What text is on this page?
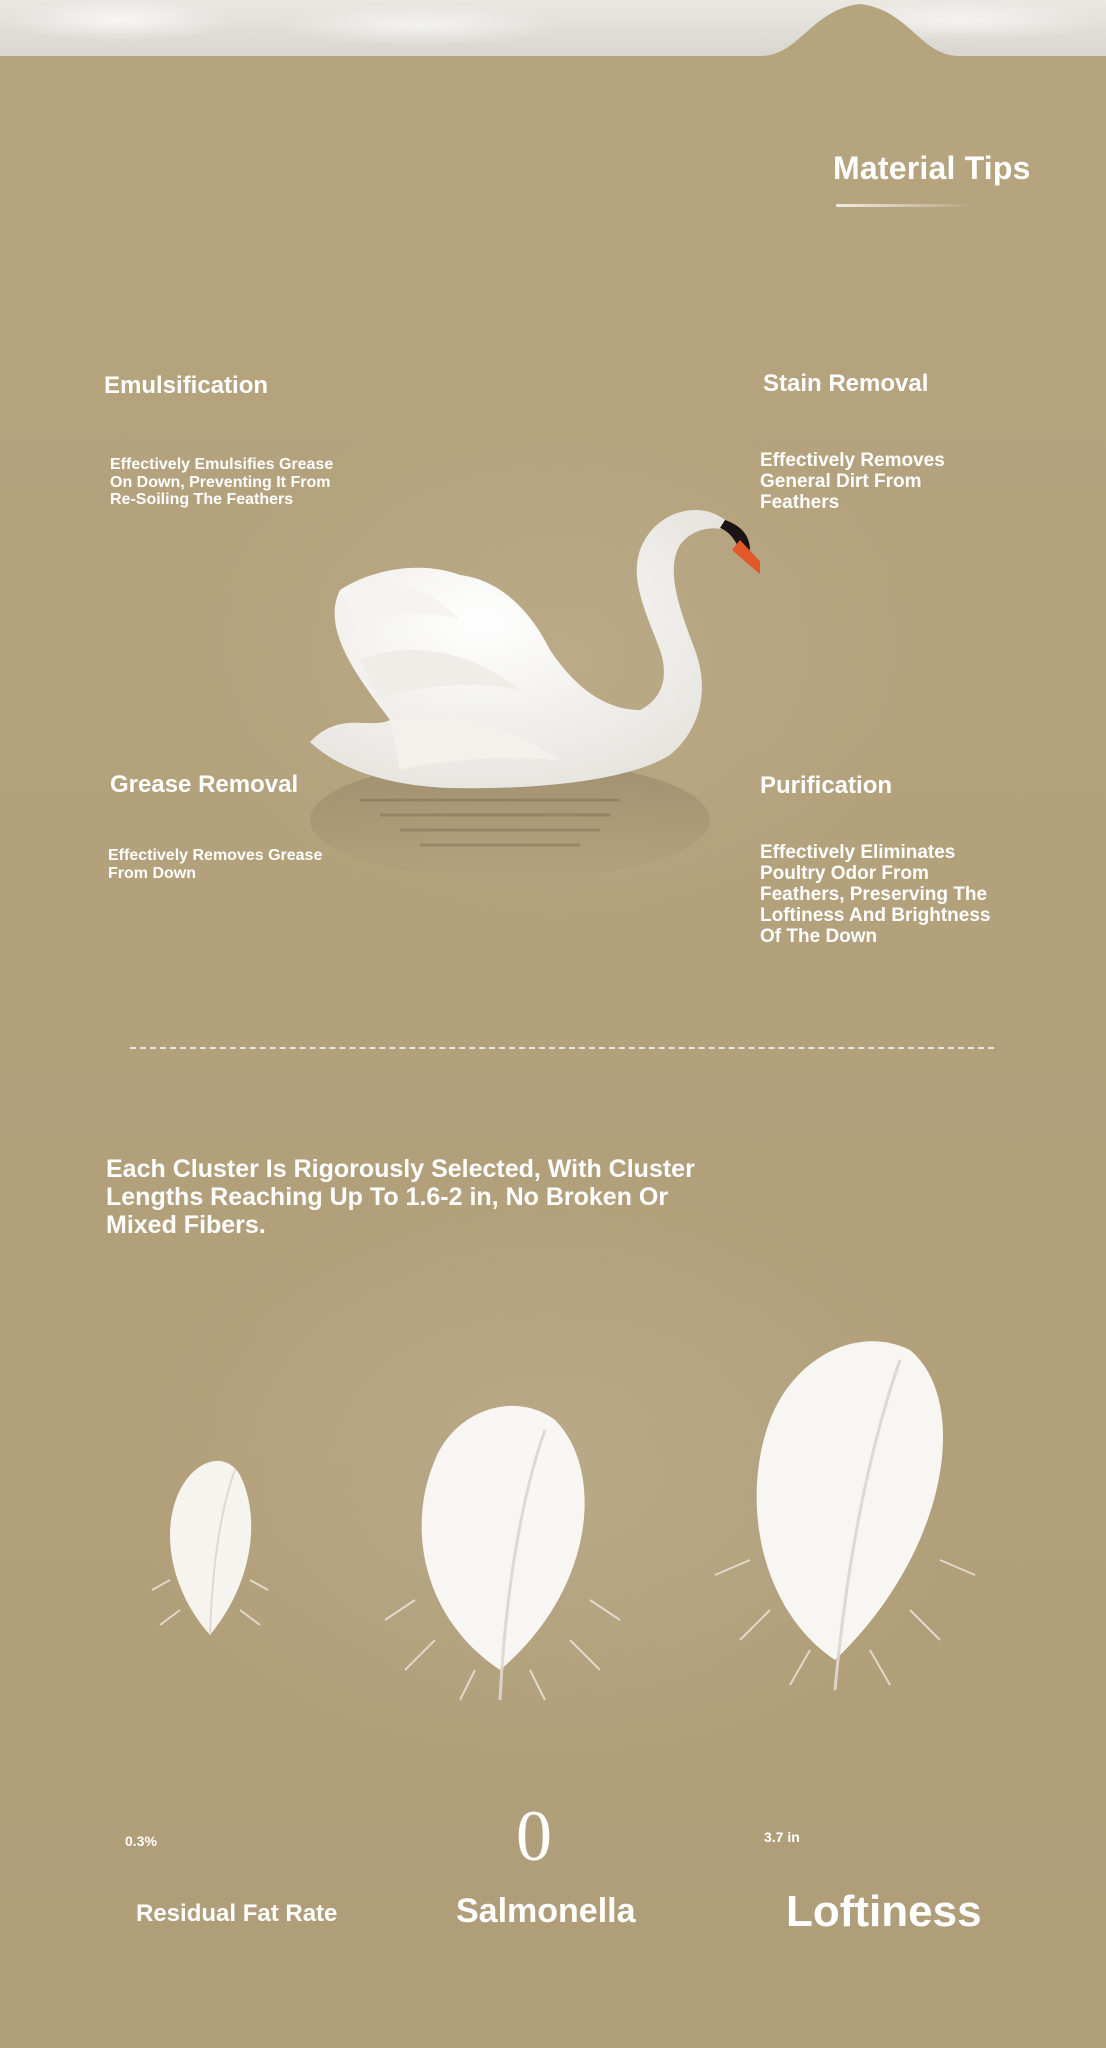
Material Tips
Emulsification
Effectively Emulsifies Grease On Down, Preventing It From Re-Soiling The Feathers
Stain Removal
Effectively Removes General Dirt From Feathers
Grease Removal
Effectively Removes Grease From Down
Purification
Effectively Eliminates Poultry Odor From Feathers, Preserving The Loftiness And Brightness Of The Down
Each Cluster Is Rigorously Selected, With Cluster Lengths Reaching Up To 1.6-2 in, No Broken Or Mixed Fibers.
0.3%
Residual Fat Rate
0
Salmonella
3.7 in
Loftiness
